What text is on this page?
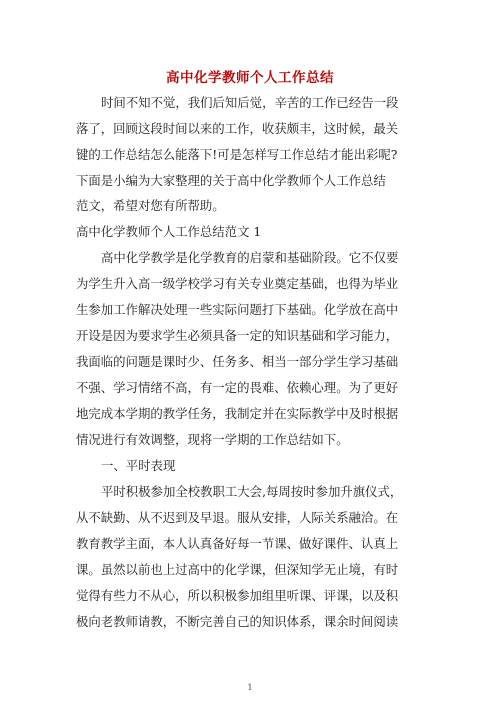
高中化学教师个人工作总结
时间不知不觉，我们后知后觉，辛苦的工作已经告一段
落了，回顾这段时间以来的工作，收获颇丰，这时候，最关
键的工作总结怎么能落下!可是怎样写工作总结才能出彩呢?
下面是小编为大家整理的关于高中化学教师个人工作总结
范文，希望对您有所帮助。
高中化学教师个人工作总结范文 1
高中化学教学是化学教育的启蒙和基础阶段。它不仅要
为学生升入高一级学校学习有关专业奠定基础，也得为毕业
生参加工作解决处理一些实际问题打下基础。化学放在高中
开设是因为要求学生必须具备一定的知识基础和学习能力，
我面临的问题是课时少、任务多、相当一部分学生学习基础
不强、学习情绪不高，有一定的畏难、依赖心理。为了更好
地完成本学期的教学任务，我制定并在实际教学中及时根据
情况进行有效调整，现将一学期的工作总结如下。
一、平时表现
平时积极参加全校教职工大会,每周按时参加升旗仪式，
从不缺勤、从不迟到及早退。服从安排，人际关系融洽。在
教育教学主面，本人认真备好每一节课、做好课件、认真上
课。虽然以前也上过高中的化学课，但深知学无止境，有时
觉得有些力不从心，所以积极参加组里听课、评课，以及积
极向老教师请教，不断完善自己的知识体系，课余时间阅读
1
